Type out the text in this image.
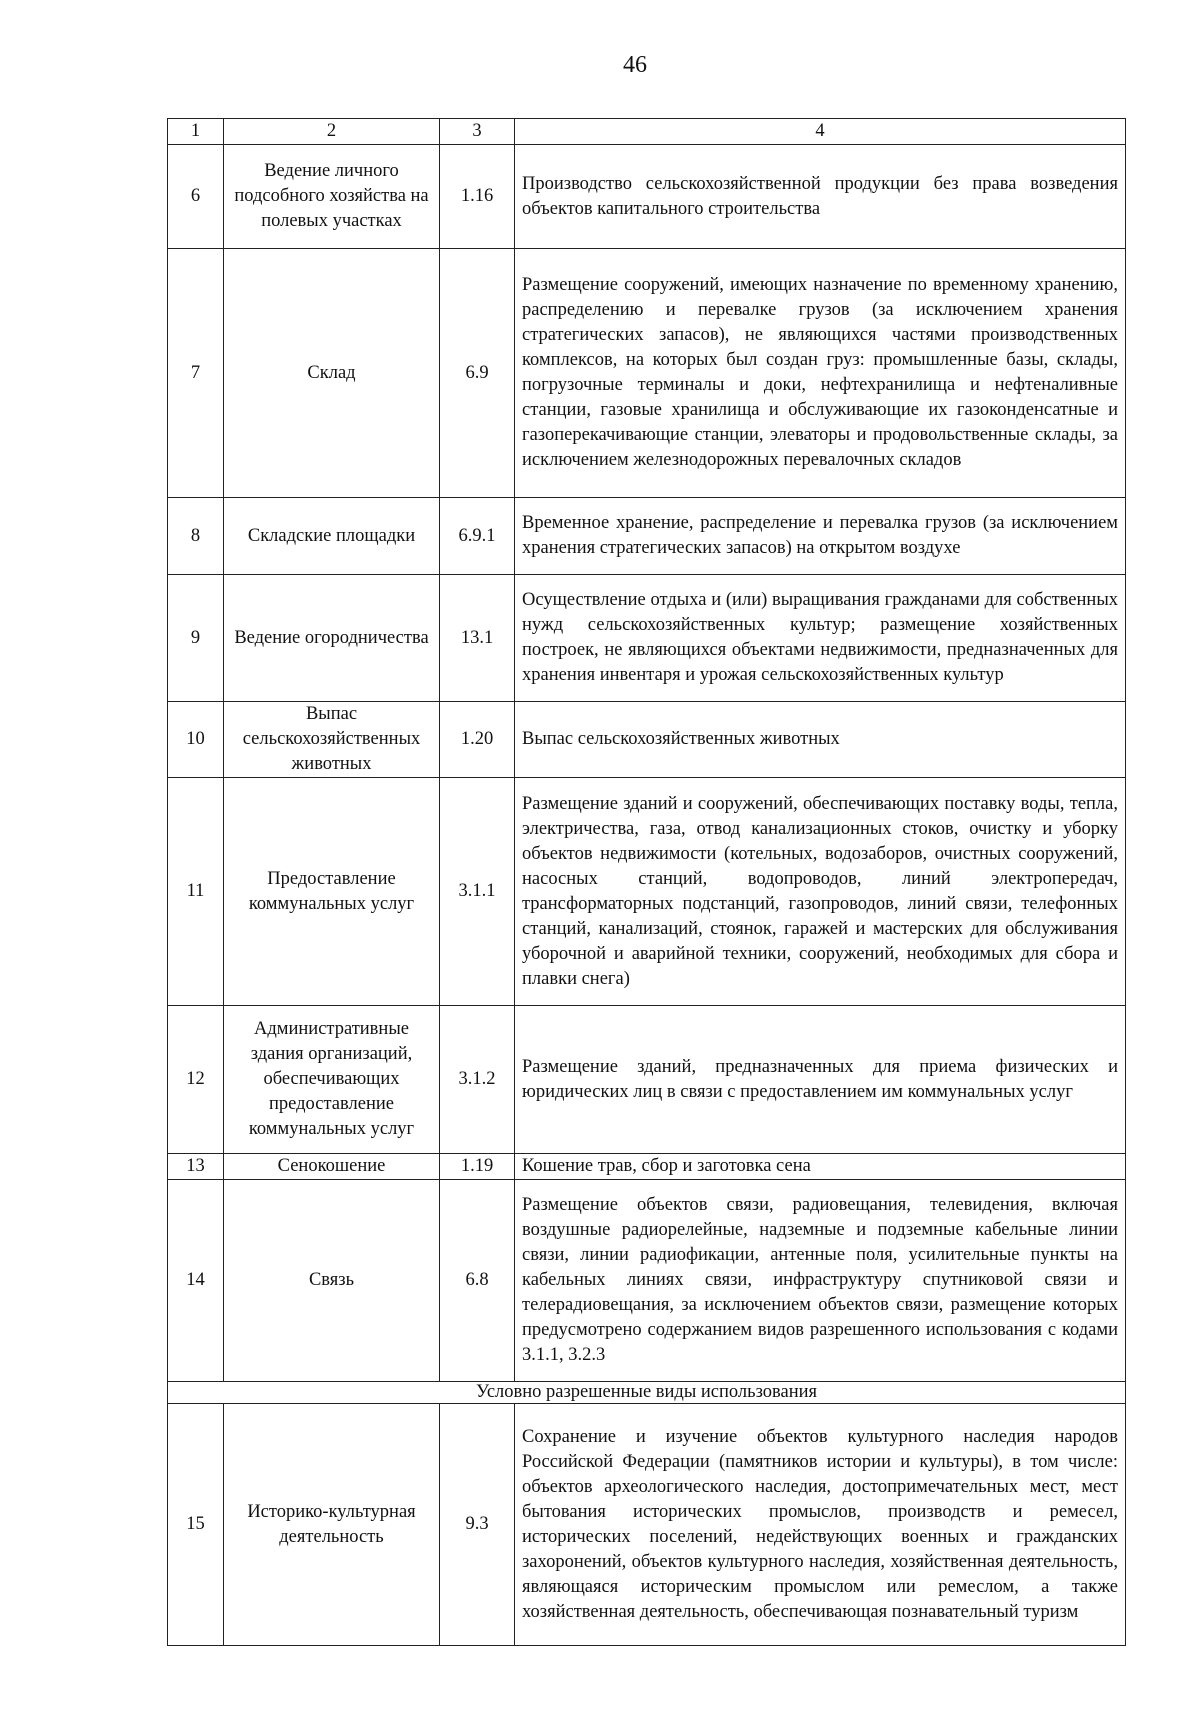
46
1	2	3	4
6	Ведение личного подсобного хозяйства на полевых участках	1.16	Производство сельскохозяйственной продукции без права возведения объектов капитального строительства
7	Склад	6.9	Размещение сооружений, имеющих назначение по временному хранению, распределению и перевалке грузов (за исключением хранения стратегических запасов), не являющихся частями производственных комплексов, на которых был создан груз: промышленные базы, склады, погрузочные терминалы и доки, нефтехранилища и нефтеналивные станции, газовые хранилища и обслуживающие их газоконденсатные и газоперекачивающие станции, элеваторы и продовольственные склады, за исключением железнодорожных перевалочных складов
8	Складские площадки	6.9.1	Временное хранение, распределение и перевалка грузов (за исключением хранения стратегических запасов) на открытом воздухе
9	Ведение огородничества	13.1	Осуществление отдыха и (или) выращивания гражданами для собственных нужд сельскохозяйственных культур; размещение хозяйственных построек, не являющихся объектами недвижимости, предназначенных для хранения инвентаря и урожая сельскохозяйственных культур
10	Выпас сельскохозяйственных животных	1.20	Выпас сельскохозяйственных животных
11	Предоставление коммунальных услуг	3.1.1	Размещение зданий и сооружений, обеспечивающих поставку воды, тепла, электричества, газа, отвод канализационных стоков, очистку и уборку объектов недвижимости (котельных, водозаборов, очистных сооружений, насосных станций, водопроводов, линий электропередач, трансформаторных подстанций, газопроводов, линий связи, телефонных станций, канализаций, стоянок, гаражей и мастерских для обслуживания уборочной и аварийной техники, сооружений, необходимых для сбора и плавки снега)
12	Административные здания организаций, обеспечивающих предоставление коммунальных услуг	3.1.2	Размещение зданий, предназначенных для приема физических и юридических лиц в связи с предоставлением им коммунальных услуг
13	Сенокошение	1.19	Кошение трав, сбор и заготовка сена
14	Связь	6.8	Размещение объектов связи, радиовещания, телевидения, включая воздушные радиорелейные, надземные и подземные кабельные линии связи, линии радиофикации, антенные поля, усилительные пункты на кабельных линиях связи, инфраструктуру спутниковой связи и телерадиовещания, за исключением объектов связи, размещение которых предусмотрено содержанием видов разрешенного использования с кодами 3.1.1, 3.2.3
Условно разрешенные виды использования			
15	Историко-культурная деятельность	9.3	Сохранение и изучение объектов культурного наследия народов Российской Федерации (памятников истории и культуры), в том числе: объектов археологического наследия, достопримечательных мест, мест бытования исторических промыслов, производств и ремесел, исторических поселений, недействующих военных и гражданских захоронений, объектов культурного наследия, хозяйственная деятельность, являющаяся историческим промыслом или ремеслом, а также хозяйственная деятельность, обеспечивающая познавательный туризм
